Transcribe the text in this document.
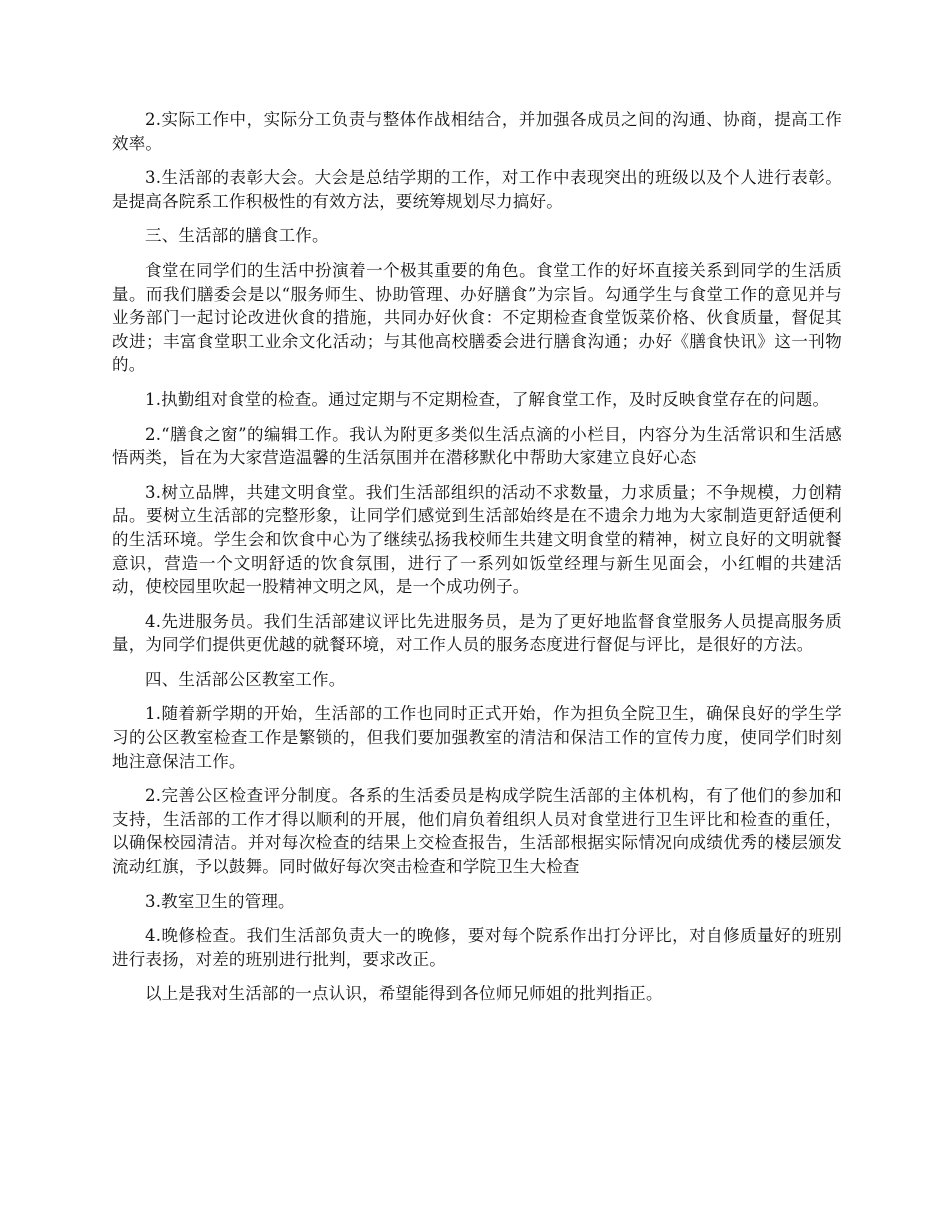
2.实际工作中，实际分工负责与整体作战相结合，并加强各成员之间的沟通、协商，提高工作效率。

3.生活部的表彰大会。大会是总结学期的工作，对工作中表现突出的班级以及个人进行表彰。是提高各院系工作积极性的有效方法，要统筹规划尽力搞好。

三、生活部的膳食工作。

食堂在同学们的生活中扮演着一个极其重要的角色。食堂工作的好坏直接关系到同学的生活质量。而我们膳委会是以“服务师生、协助管理、办好膳食”为宗旨。勾通学生与食堂工作的意见并与业务部门一起讨论改进伙食的措施，共同办好伙食：不定期检查食堂饭菜价格、伙食质量，督促其改进；丰富食堂职工业余文化活动；与其他高校膳委会进行膳食沟通；办好《膳食快讯》这一刊物的。

1.执勤组对食堂的检查。通过定期与不定期检查，了解食堂工作，及时反映食堂存在的问题。

2.“膳食之窗”的编辑工作。我认为附更多类似生活点滴的小栏目，内容分为生活常识和生活感悟两类，旨在为大家营造温馨的生活氛围并在潜移默化中帮助大家建立良好心态

3.树立品牌，共建文明食堂。我们生活部组织的活动不求数量，力求质量；不争规模，力创精品。要树立生活部的完整形象，让同学们感觉到生活部始终是在不遗余力地为大家制造更舒适便利的生活环境。学生会和饮食中心为了继续弘扬我校师生共建文明食堂的精神，树立良好的文明就餐意识，营造一个文明舒适的饮食氛围，进行了一系列如饭堂经理与新生见面会，小红帽的共建活动，使校园里吹起一股精神文明之风，是一个成功例子。

4.先进服务员。我们生活部建议评比先进服务员，是为了更好地监督食堂服务人员提高服务质量，为同学们提供更优越的就餐环境，对工作人员的服务态度进行督促与评比，是很好的方法。

四、生活部公区教室工作。

1.随着新学期的开始，生活部的工作也同时正式开始，作为担负全院卫生，确保良好的学生学习的公区教室检查工作是繁锁的，但我们要加强教室的清洁和保洁工作的宣传力度，使同学们时刻地注意保洁工作。

2.完善公区检查评分制度。各系的生活委员是构成学院生活部的主体机构，有了他们的参加和支持，生活部的工作才得以顺利的开展，他们肩负着组织人员对食堂进行卫生评比和检查的重任，以确保校园清洁。并对每次检查的结果上交检查报告，生活部根据实际情况向成绩优秀的楼层颁发流动红旗，予以鼓舞。同时做好每次突击检查和学院卫生大检查

3.教室卫生的管理。

4.晚修检查。我们生活部负责大一的晚修，要对每个院系作出打分评比，对自修质量好的班别进行表扬，对差的班别进行批判，要求改正。

以上是我对生活部的一点认识，希望能得到各位师兄师姐的批判指正。
